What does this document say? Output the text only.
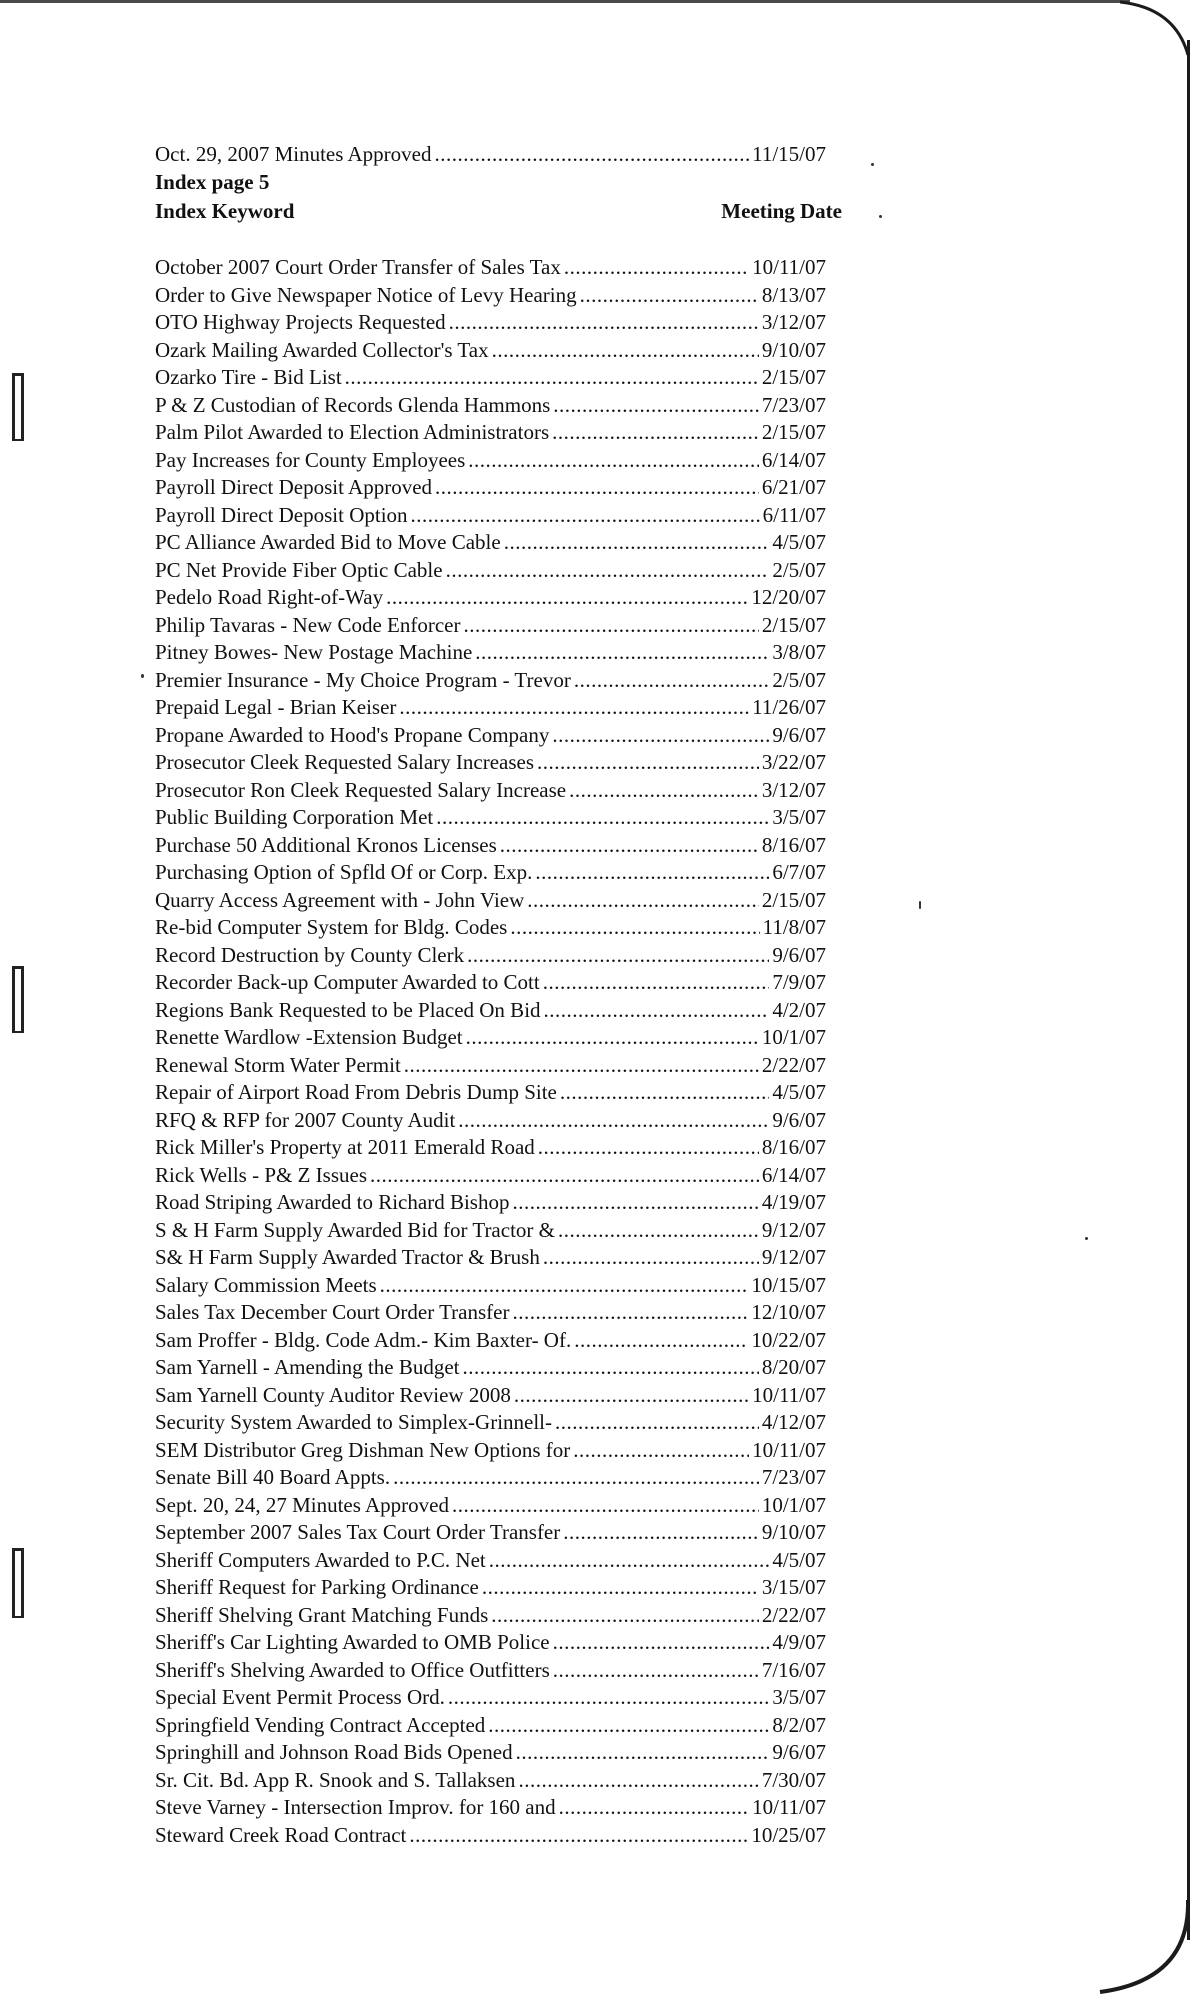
Oct. 29, 2007 Minutes Approved .....	11/15/07
Index page 5
Index Keyword	Meeting Date
October 2007 Court Order Transfer of Sales Tax .....	10/11/07
Order to Give Newspaper Notice of Levy Hearing .....	8/13/07
OTO Highway Projects Requested .....	3/12/07
Ozark Mailing Awarded Collector's Tax .....	9/10/07
Ozarko Tire - Bid List .....	2/15/07
P & Z Custodian of Records Glenda Hammons .....	7/23/07
Palm Pilot Awarded to Election Administrators .....	2/15/07
Pay Increases for County Employees .....	6/14/07
Payroll Direct Deposit Approved .....	6/21/07
Payroll Direct Deposit Option .....	6/11/07
PC Alliance Awarded Bid to Move Cable .....	4/5/07
PC Net Provide Fiber Optic Cable .....	2/5/07
Pedelo Road Right-of-Way .....	12/20/07
Philip Tavaras - New Code Enforcer .....	2/15/07
Pitney Bowes- New Postage Machine .....	3/8/07
Premier Insurance - My Choice Program - Trevor .....	2/5/07
Prepaid Legal - Brian Keiser .....	11/26/07
Propane Awarded to Hood's Propane Company .....	9/6/07
Prosecutor Cleek Requested Salary Increases .....	3/22/07
Prosecutor Ron Cleek Requested Salary Increase .....	3/12/07
Public Building Corporation Met .....	3/5/07
Purchase 50 Additional Kronos Licenses .....	8/16/07
Purchasing Option of Spfld Of or Corp. Exp. .....	6/7/07
Quarry Access Agreement with - John View .....	2/15/07
Re-bid Computer System for Bldg. Codes .....	11/8/07
Record Destruction by County Clerk .....	9/6/07
Recorder Back-up Computer Awarded to Cott .....	7/9/07
Regions Bank Requested to be Placed On Bid .....	4/2/07
Renette Wardlow -Extension Budget .....	10/1/07
Renewal Storm Water Permit .....	2/22/07
Repair of Airport Road From Debris Dump Site .....	4/5/07
RFQ & RFP for 2007 County Audit .....	9/6/07
Rick Miller's Property at 2011 Emerald Road .....	8/16/07
Rick Wells - P& Z Issues .....	6/14/07
Road Striping Awarded to Richard Bishop .....	4/19/07
S & H Farm Supply Awarded Bid for Tractor & .....	9/12/07
S& H Farm Supply Awarded Tractor & Brush .....	9/12/07
Salary Commission Meets .....	10/15/07
Sales Tax December Court Order Transfer .....	12/10/07
Sam Proffer - Bldg. Code Adm.- Kim Baxter- Of. .....	10/22/07
Sam Yarnell - Amending the Budget .....	8/20/07
Sam Yarnell County Auditor Review 2008 .....	10/11/07
Security System Awarded to Simplex-Grinnell- .....	4/12/07
SEM Distributor Greg Dishman New Options for .....	10/11/07
Senate Bill 40 Board Appts. .....	7/23/07
Sept. 20, 24, 27 Minutes Approved .....	10/1/07
September 2007 Sales Tax Court Order Transfer .....	9/10/07
Sheriff Computers Awarded to P.C. Net .....	4/5/07
Sheriff Request for Parking Ordinance .....	3/15/07
Sheriff Shelving Grant Matching Funds .....	2/22/07
Sheriff's Car Lighting Awarded to OMB Police .....	4/9/07
Sheriff's Shelving Awarded to Office Outfitters .....	7/16/07
Special Event Permit Process Ord. .....	3/5/07
Springfield Vending Contract Accepted .....	8/2/07
Springhill and Johnson Road Bids Opened .....	9/6/07
Sr. Cit. Bd. App R. Snook and S. Tallaksen .....	7/30/07
Steve Varney - Intersection Improv. for 160 and .....	10/11/07
Steward Creek Road Contract .....	10/25/07
